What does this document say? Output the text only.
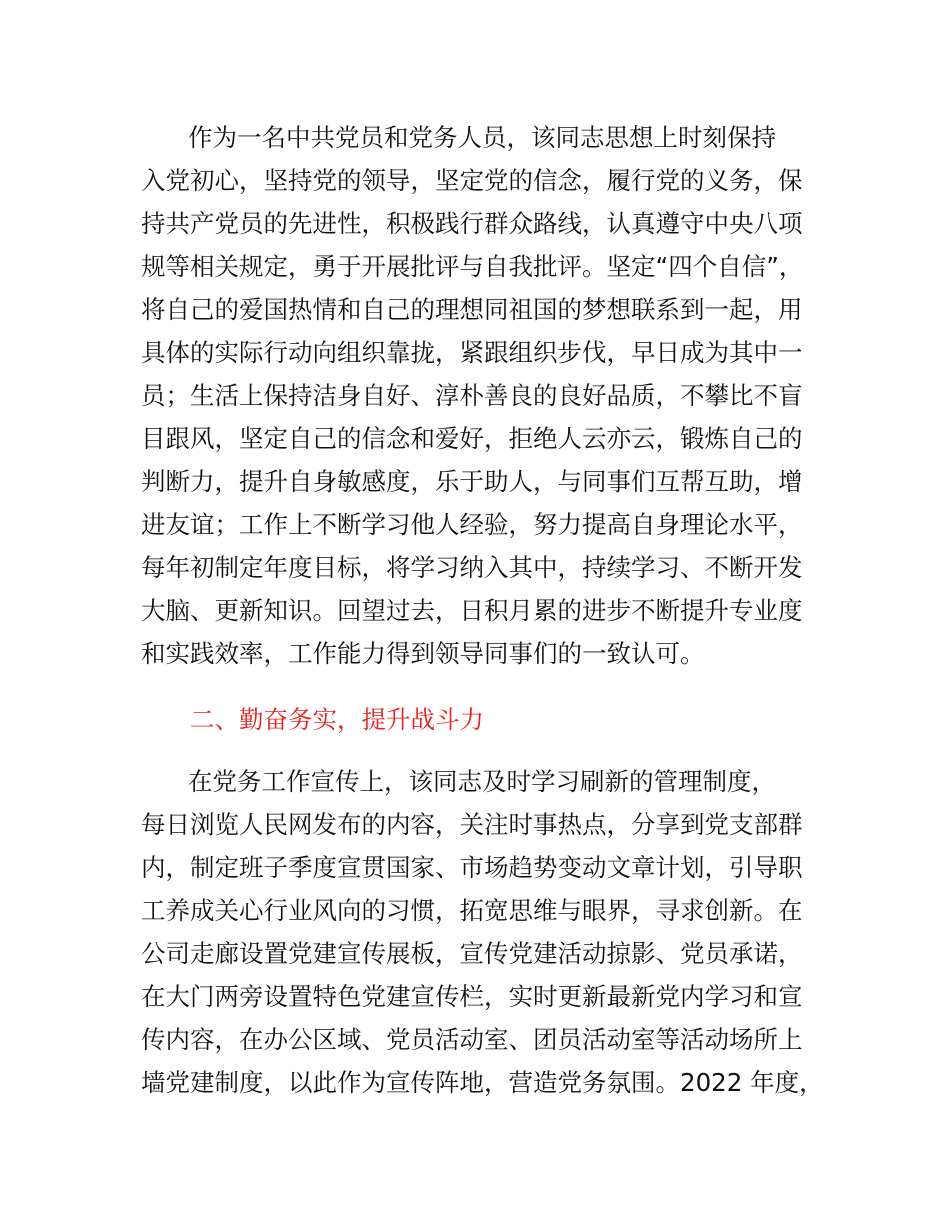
作为一名中共党员和党务人员，该同志思想上时刻保持
入党初心，坚持党的领导，坚定党的信念，履行党的义务，保
持共产党员的先进性，积极践行群众路线，认真遵守中央八项
规等相关规定，勇于开展批评与自我批评。坚定“四个自信”，
将自己的爱国热情和自己的理想同祖国的梦想联系到一起，用
具体的实际行动向组织靠拢，紧跟组织步伐，早日成为其中一
员；生活上保持洁身自好、淳朴善良的良好品质，不攀比不盲
目跟风，坚定自己的信念和爱好，拒绝人云亦云，锻炼自己的
判断力，提升自身敏感度，乐于助人，与同事们互帮互助，增
进友谊；工作上不断学习他人经验，努力提高自身理论水平，
每年初制定年度目标，将学习纳入其中，持续学习、不断开发
大脑、更新知识。回望过去，日积月累的进步不断提升专业度
和实践效率，工作能力得到领导同事们的一致认可。
二、勤奋务实，提升战斗力
在党务工作宣传上，该同志及时学习刷新的管理制度，
每日浏览人民网发布的内容，关注时事热点，分享到党支部群
内，制定班子季度宣贯国家、市场趋势变动文章计划，引导职
工养成关心行业风向的习惯，拓宽思维与眼界，寻求创新。在
公司走廊设置党建宣传展板，宣传党建活动掠影、党员承诺，
在大门两旁设置特色党建宣传栏，实时更新最新党内学习和宣
传内容，在办公区域、党员活动室、团员活动室等活动场所上
墙党建制度，以此作为宣传阵地，营造党务氛围。2022 年度，
